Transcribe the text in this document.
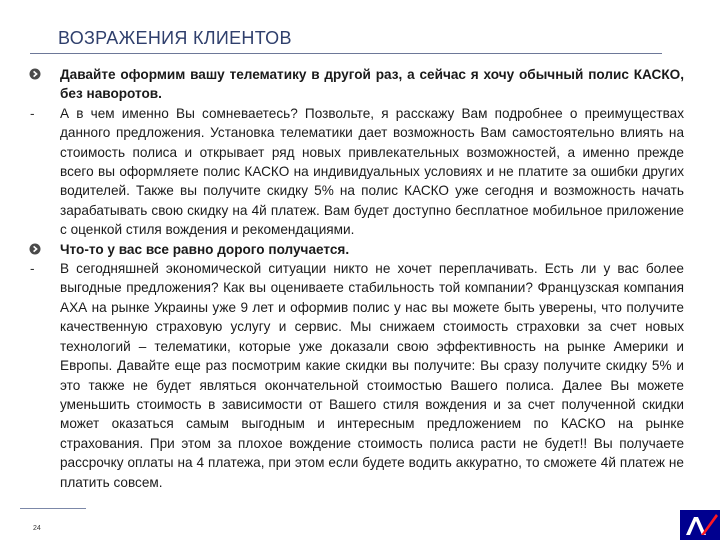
ВОЗРАЖЕНИЯ КЛИЕНТОВ
Давайте оформим вашу телематику в другой раз, а сейчас я хочу обычный полис КАСКО, без наворотов.
- А в чем именно Вы сомневаетесь? Позвольте, я расскажу Вам подробнее о преимуществах данного предложения. Установка телематики дает возможность Вам самостоятельно влиять на стоимость полиса и открывает ряд новых привлекательных возможностей, а именно прежде всего вы оформляете полис КАСКО на индивидуальных условиях и не платите за ошибки других водителей. Также вы получите скидку 5% на полис КАСКО уже сегодня и возможность начать зарабатывать свою скидку на 4й платеж. Вам будет доступно бесплатное мобильное приложение с оценкой стиля вождения и рекомендациями.
Что-то у вас все равно дорого получается.
- В сегодняшней экономической ситуации никто не хочет переплачивать. Есть ли у вас более выгодные предложения? Как вы оцениваете стабильность той компании? Французская компания АХА на рынке Украины уже 9 лет и оформив полис у нас вы можете быть уверены, что получите качественную страховую услугу и сервис. Мы снижаем стоимость страховки за счет новых технологий – телематики, которые уже доказали свою эффективность на рынке Америки и Европы. Давайте еще раз посмотрим какие скидки вы получите: Вы сразу получите скидку 5% и это также не будет являться окончательной стоимостью Вашего полиса. Далее Вы можете уменьшить стоимость в зависимости от Вашего стиля вождения и за счет полученной скидки может оказаться самым выгодным и интересным предложением по КАСКО на рынке страхования. При этом за плохое вождение стоимость полиса расти не будет!! Вы получаете рассрочку оплаты на 4 платежа, при этом если будете водить аккуратно, то сможете 4й платеж не платить совсем.
24
